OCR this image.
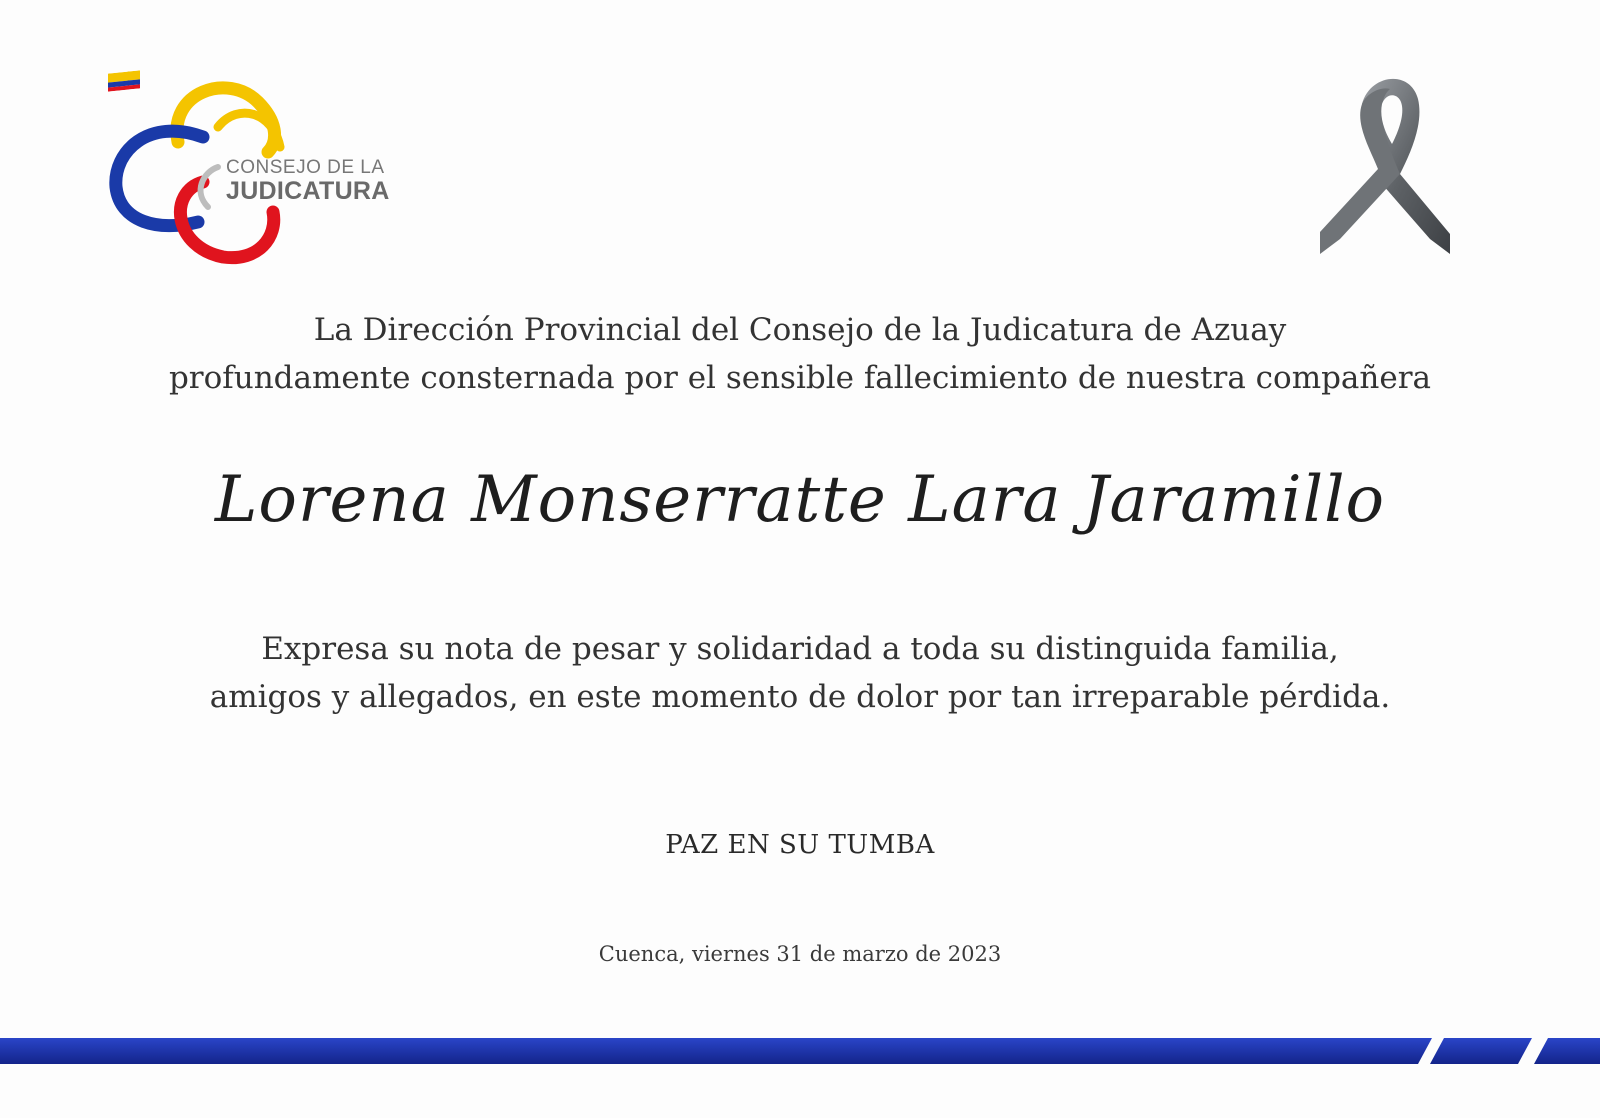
CONSEJO DE LA
JUDICATURA
La Dirección Provincial del Consejo de la Judicatura de Azuay
profundamente consternada por el sensible fallecimiento de nuestra compañera
Lorena Monserratte Lara Jaramillo
Expresa su nota de pesar y solidaridad a toda su distinguida familia,
amigos y allegados, en este momento de dolor por tan irreparable pérdida.
PAZ EN SU TUMBA
Cuenca, viernes 31 de marzo de 2023
